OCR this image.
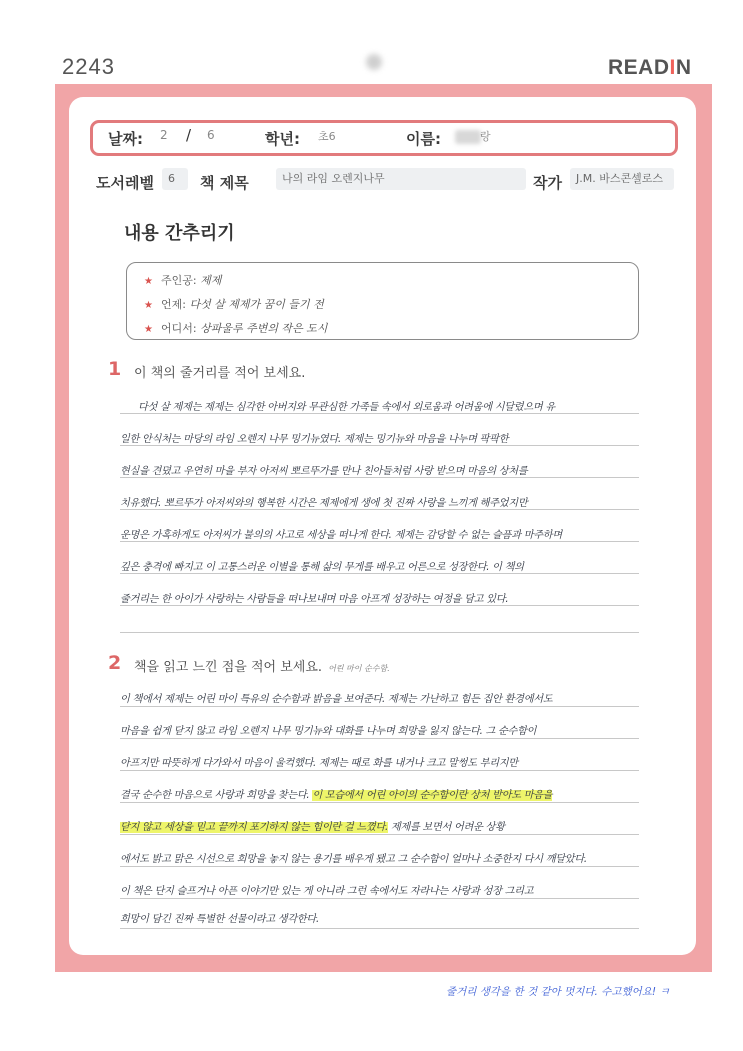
2243	READIN
날짜: 2 / 6	학년: 초6	이름:	랑
도서레벨	6	책 제목	나의 라임 오렌지나무	작가	J.M. 바스콘셀로스
내용 간추리기
★ 주인공: 제제
★ 언제: 다섯 살 제제가 꿈이 들기 전
★ 어디서: 상파울루 주변의 작은 도시
1 이 책의 줄거리를 적어 보세요.
다섯 살 제제는 제제는 심각한 아버지와 무관심한 가족들 속에서 외로움과 어려움에 시달렸으며 유
일한 안식처는 마당의 라임 오렌지 나무 밍기뉴였다. 제제는 밍기뉴와 마음을 나누며 팍팍한
현실을 견뎠고 우연히 마을 부자 아저씨 뽀르뚜가를 만나 친아들처럼 사랑 받으며 마음의 상처를
치유했다. 뽀르뚜가 아저씨와의 행복한 시간은 제제에게 생에 첫 진짜 사랑을 느끼게 해주었지만
운명은 가혹하게도 아저씨가 불의의 사고로 세상을 떠나게 한다. 제제는 감당할 수 없는 슬픔과 마주하며
깊은 충격에 빠지고 이 고통스러운 이별을 통해 삶의 무게를 배우고 어른으로 성장한다. 이 책의
줄거리는 한 아이가 사랑하는 사람들을 떠나보내며 마음 아프게 성장하는 여정을 담고 있다.
2 책을 읽고 느낀 점을 적어 보세요. 어린 마이 순수함.
이 책에서 제제는 어린 마이 특유의 순수함과 밝음을 보여준다. 제제는 가난하고 힘든 집안 환경에서도
마음을 쉽게 닫지 않고 라임 오렌지 나무 밍기뉴와 대화를 나누며 희망을 잃지 않는다. 그 순수함이
아프지만 따뜻하게 다가와서 마음이 울컥했다. 제제는 때로 화를 내거나 크고 말썽도 부리지만
결국 순수한 마음으로 사랑과 희망을 찾는다. 이 모습에서 어린 아이의 순수함이란 상처 받아도 마음을
닫지 않고 세상을 믿고 끝까지 포기하지 않는 힘이란 걸 느꼈다. 제제를 보면서 어려운 상황
에서도 밝고 맑은 시선으로 희망을 놓지 않는 용기를 배우게 됐고 그 순수함이 얼마나 소중한지 다시 깨달았다.
이 책은 단지 슬프거나 아픈 이야기만 있는 게 아니라 그런 속에서도 자라나는 사랑과 성장 그리고
희망이 담긴 진짜 특별한 선물이라고 생각한다.
줄거리 생각을 한 것 같아 멋지다. 수고했어요! ㅋ
